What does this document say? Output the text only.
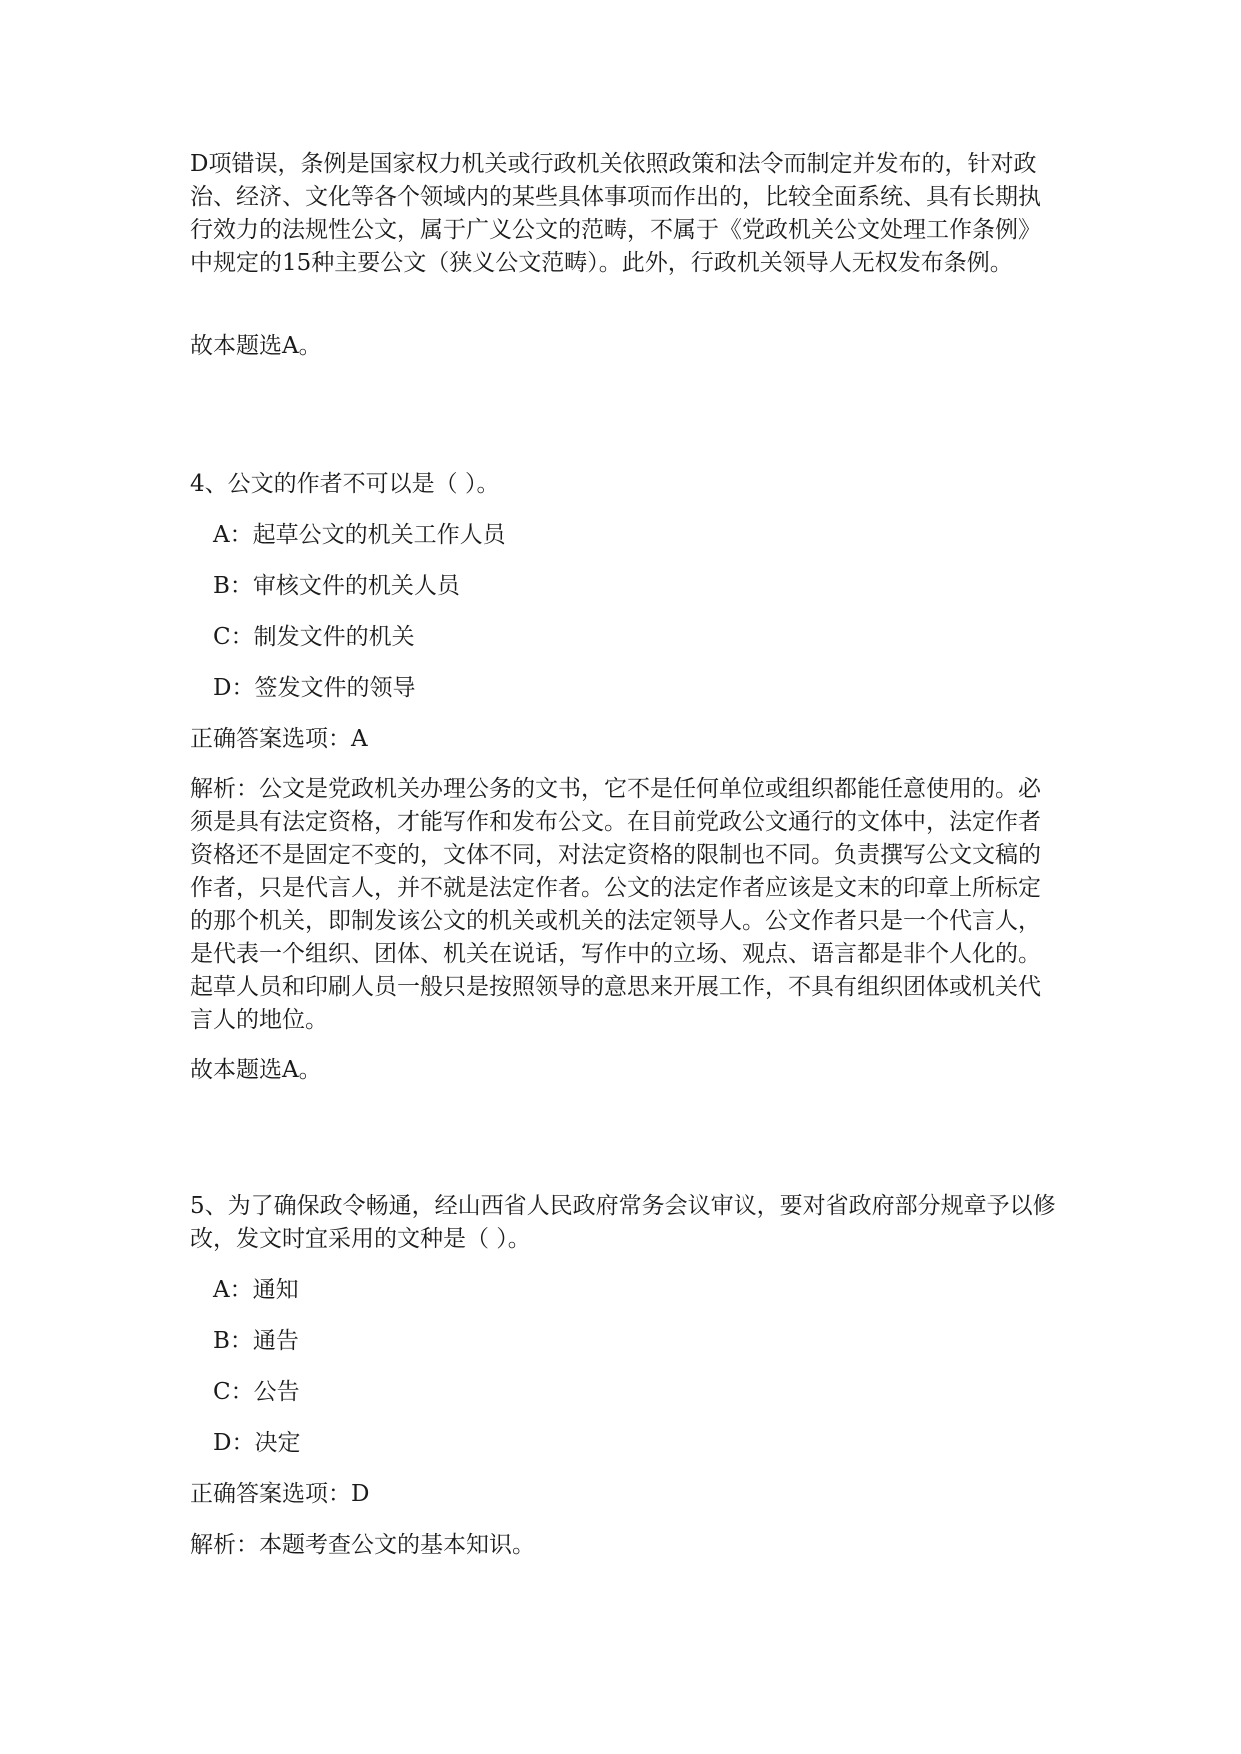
D项错误，条例是国家权力机关或行政机关依照政策和法令而制定并发布的，针对政治、经济、文化等各个领域内的某些具体事项而作出的，比较全面系统、具有长期执行效力的法规性公文，属于广义公文的范畴，不属于《党政机关公文处理工作条例》中规定的15种主要公文（狭义公文范畴）。此外，行政机关领导人无权发布条例。

故本题选A。

4、公文的作者不可以是（ ）。

A：起草公文的机关工作人员

B：审核文件的机关人员

C：制发文件的机关

D：签发文件的领导

正确答案选项：A

解析：公文是党政机关办理公务的文书，它不是任何单位或组织都能任意使用的。必须是具有法定资格，才能写作和发布公文。在目前党政公文通行的文体中，法定作者资格还不是固定不变的，文体不同，对法定资格的限制也不同。负责撰写公文文稿的作者，只是代言人，并不就是法定作者。公文的法定作者应该是文末的印章上所标定的那个机关，即制发该公文的机关或机关的法定领导人。公文作者只是一个代言人，是代表一个组织、团体、机关在说话，写作中的立场、观点、语言都是非个人化的。起草人员和印刷人员一般只是按照领导的意思来开展工作，不具有组织团体或机关代言人的地位。

故本题选A。

5、为了确保政令畅通，经山西省人民政府常务会议审议，要对省政府部分规章予以修改，发文时宜采用的文种是（ ）。

A：通知

B：通告

C：公告

D：决定

正确答案选项：D

解析：本题考查公文的基本知识。
